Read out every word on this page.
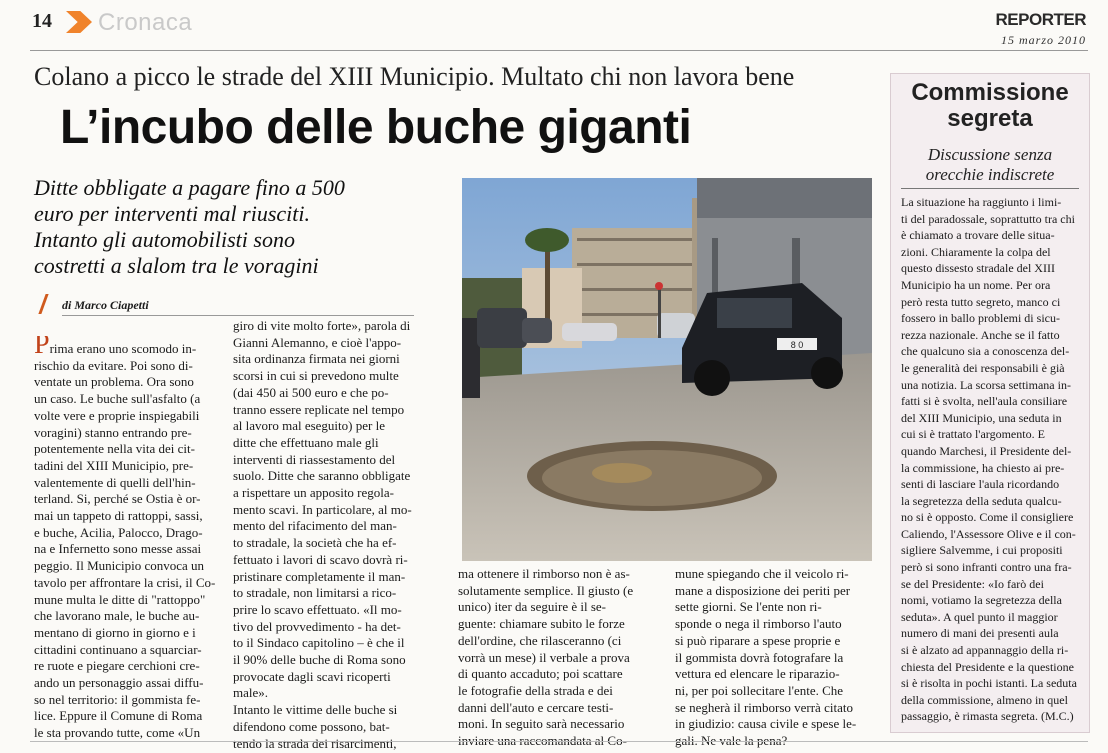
14 Cronaca	REPORTER
15 marzo 2010
Colano a picco le strade del XIII Municipio. Multato chi non lavora bene
L’incubo delle buche giganti
Ditte obbligate a pagare fino a 500
euro per interventi mal riusciti.
Intanto gli automobilisti sono
costretti a slalom tra le voragini
di Marco Ciapetti
Prima erano uno scomodo in-
rischio da evitare. Poi sono di-
ventate un problema. Ora sono
un caso. Le buche sull'asfalto (a
volte vere e proprie inspiegabili
voragini) stanno entrando pre-
potentemente nella vita dei cit-
tadini del XIII Municipio, pre-
valentemente di quelli dell'hin-
terland. Si, perché se Ostia è or-
mai un tappeto di rattoppi, sassi,
e buche, Acilia, Palocco, Drago-
na e Infernetto sono messe assai
peggio. Il Municipio convoca un
tavolo per affrontare la crisi, il Co-
mune multa le ditte di "rattoppo"
che lavorano male, le buche au-
mentano di giorno in giorno e i
cittadini continuano a squarciar-
re ruote e piegare cerchioni cre-
ando un personaggio assai diffu-
so nel territorio: il gommista fe-
lice. Eppure il Comune di Roma
le sta provando tutte, come «Un
giro di vite molto forte», parola di
Gianni Alemanno, e cioè l'appo-
sita ordinanza firmata nei giorni
scorsi in cui si prevedono multe
(dai 450 ai 500 euro e che po-
tranno essere replicate nel tempo
al lavoro mal eseguito) per le
ditte che effettuano male gli
interventi di riassestamento del
suolo. Ditte che saranno obbligate
a rispettare un apposito regola-
mento scavi. In particolare, al mo-
mento del rifacimento del man-
to stradale, la società che ha ef-
fettuato i lavori di scavo dovrà ri-
pristinare completamente il man-
to stradale, non limitarsi a rico-
prire lo scavo effettuato. «Il mo-
tivo del provvedimento - ha det-
to il Sindaco capitolino – è che il
il 90% delle buche di Roma sono
provocate dagli scavi ricoperti
male».
Intanto le vittime delle buche si
difendono come possono, bat-
tendo la strada dei risarcimenti,
ma ottenere il rimborso non è as-
solutamente semplice. Il giusto (e
unico) iter da seguire è il se-
guente: chiamare subito le forze
dell'ordine, che rilasceranno (ci
vorrà un mese) il verbale a prova
di quanto accaduto; poi scattare
le fotografie della strada e dei
danni dell'auto e cercare testi-
moni. In seguito sarà necessario
inviare una raccomandata al Co-
mune spiegando che il veicolo ri-
mane a disposizione dei periti per
sette giorni. Se l'ente non ri-
sponde o nega il rimborso l'auto
si può riparare a spese proprie e
il gommista dovrà fotografare la
vettura ed elencare le riparazio-
ni, per poi sollecitare l'ente. Che
se negherà il rimborso verrà citato
in giudizio: causa civile e spese le-
gali. Ne vale la pena?
8 0
Commissione
segreta
Discussione senza
orecchie indiscrete
La situazione ha raggiunto i limi-
ti del paradossale, soprattutto tra chi
è chiamato a trovare delle situa-
zioni. Chiaramente la colpa del
questo dissesto stradale del XIII
Municipio ha un nome. Per ora
però resta tutto segreto, manco ci
fossero in ballo problemi di sicu-
rezza nazionale. Anche se il fatto
che qualcuno sia a conoscenza del-
le generalità dei responsabili è già
una notizia. La scorsa settimana in-
fatti si è svolta, nell'aula consiliare
del XIII Municipio, una seduta in
cui si è trattato l'argomento. E
quando Marchesi, il Presidente del-
la commissione, ha chiesto ai pre-
senti di lasciare l'aula ricordando
la segretezza della seduta qualcu-
no si è opposto. Come il consigliere
Caliendo, l'Assessore Olive e il con-
sigliere Salvemme, i cui propositi
però si sono infranti contro una fra-
se del Presidente: «Io farò dei
nomi, votiamo la segretezza della
seduta». A quel punto il maggior
numero di mani dei presenti aula
si è alzato ad appannaggio della ri-
chiesta del Presidente e la questione
si è risolta in pochi istanti. La seduta
della commissione, almeno in quel
passaggio, è rimasta segreta. (M.C.)
